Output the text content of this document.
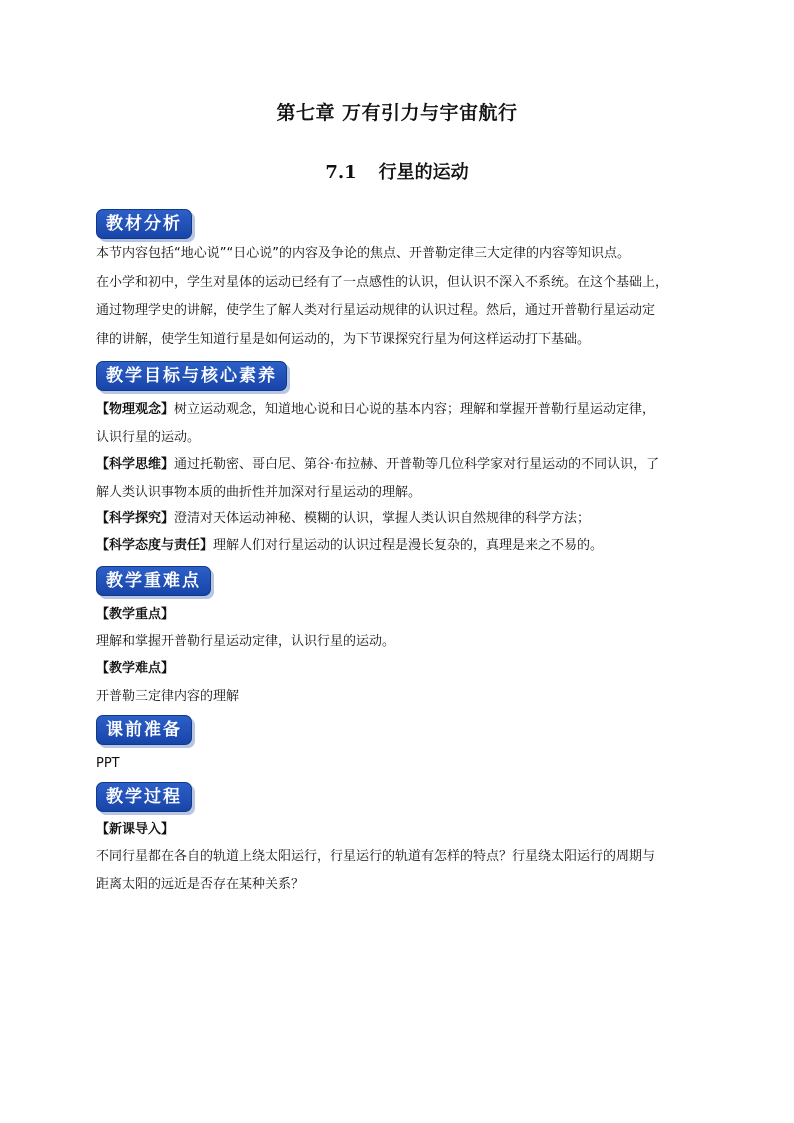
第七章 万有引力与宇宙航行
7.1 行星的运动
教材分析
本节内容包括“地心说”“日心说”的内容及争论的焦点、开普勒定律三大定律的内容等知识点。
在小学和初中，学生对星体的运动已经有了一点感性的认识，但认识不深入不系统。在这个基础上，
通过物理学史的讲解，使学生了解人类对行星运动规律的认识过程。然后，通过开普勒行星运动定
律的讲解，使学生知道行星是如何运动的，为下节课探究行星为何这样运动打下基础。
教学目标与核心素养
【物理观念】树立运动观念，知道地心说和日心说的基本内容；理解和掌握开普勒行星运动定律，
认识行星的运动。
【科学思维】通过托勒密、哥白尼、第谷·布拉赫、开普勒等几位科学家对行星运动的不同认识，了
解人类认识事物本质的曲折性并加深对行星运动的理解。
【科学探究】澄清对天体运动神秘、模糊的认识，掌握人类认识自然规律的科学方法；
【科学态度与责任】理解人们对行星运动的认识过程是漫长复杂的，真理是来之不易的。
教学重难点
【教学重点】
理解和掌握开普勒行星运动定律，认识行星的运动。
【教学难点】
开普勒三定律内容的理解
课前准备
PPT
教学过程
【新课导入】
不同行星都在各自的轨道上绕太阳运行，行星运行的轨道有怎样的特点？行星绕太阳运行的周期与
距离太阳的远近是否存在某种关系？
